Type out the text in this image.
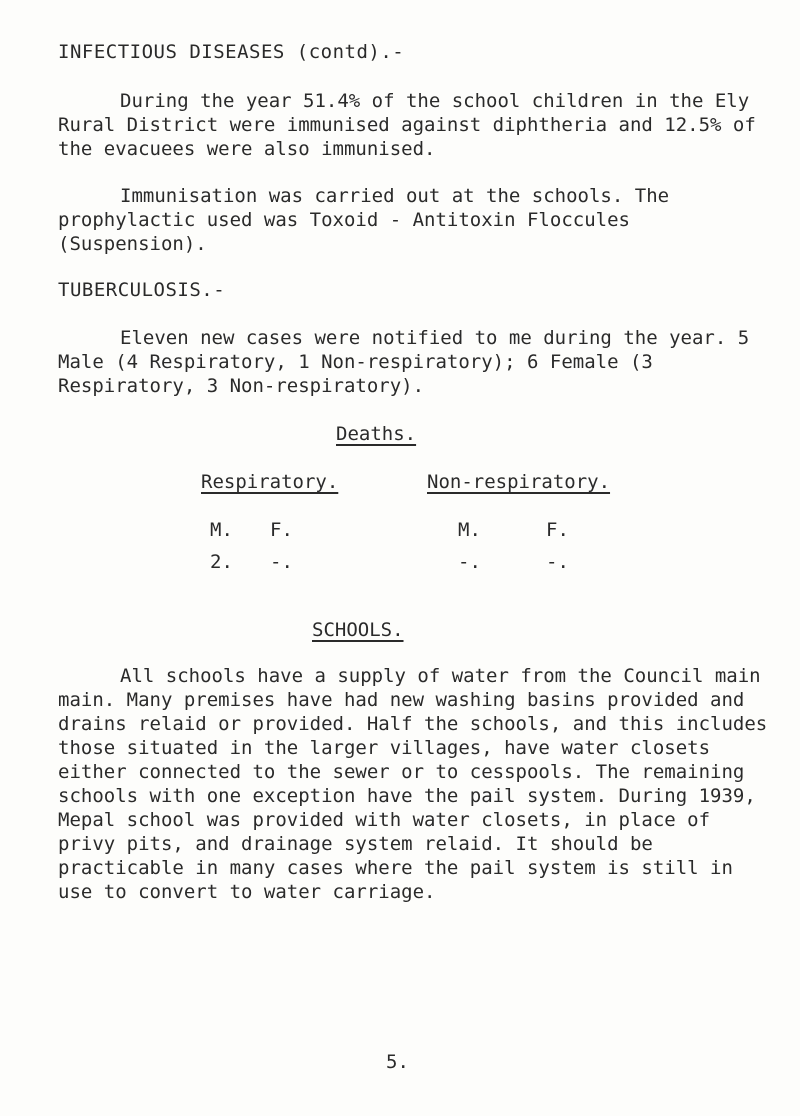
INFECTIOUS DISEASES (contd).-
During the year 51.4% of the school children in the Ely Rural District were immunised against diphtheria and 12.5% of the evacuees were also immunised.
Immunisation was carried out at the schools. The prophylactic used was Toxoid - Antitoxin Floccules (Suspension).
TUBERCULOSIS.-
Eleven new cases were notified to me during the year. 5 Male (4 Respiratory, 1 Non-respiratory); 6 Female (3 Respiratory, 3 Non-respiratory).
Deaths.
Respiratory.	Non-respiratory.
M. F.	M.	F.
2. -.	-.	-.
SCHOOLS.
All schools have a supply of water from the Council main main. Many premises have had new washing basins provided and drains relaid or provided. Half the schools, and this includes those situated in the larger villages, have water closets either connected to the sewer or to cesspools. The remaining schools with one exception have the pail system. During 1939, Mepal school was provided with water closets, in place of privy pits, and drainage system relaid. It should be practicable in many cases where the pail system is still in use to convert to water carriage.
5.
